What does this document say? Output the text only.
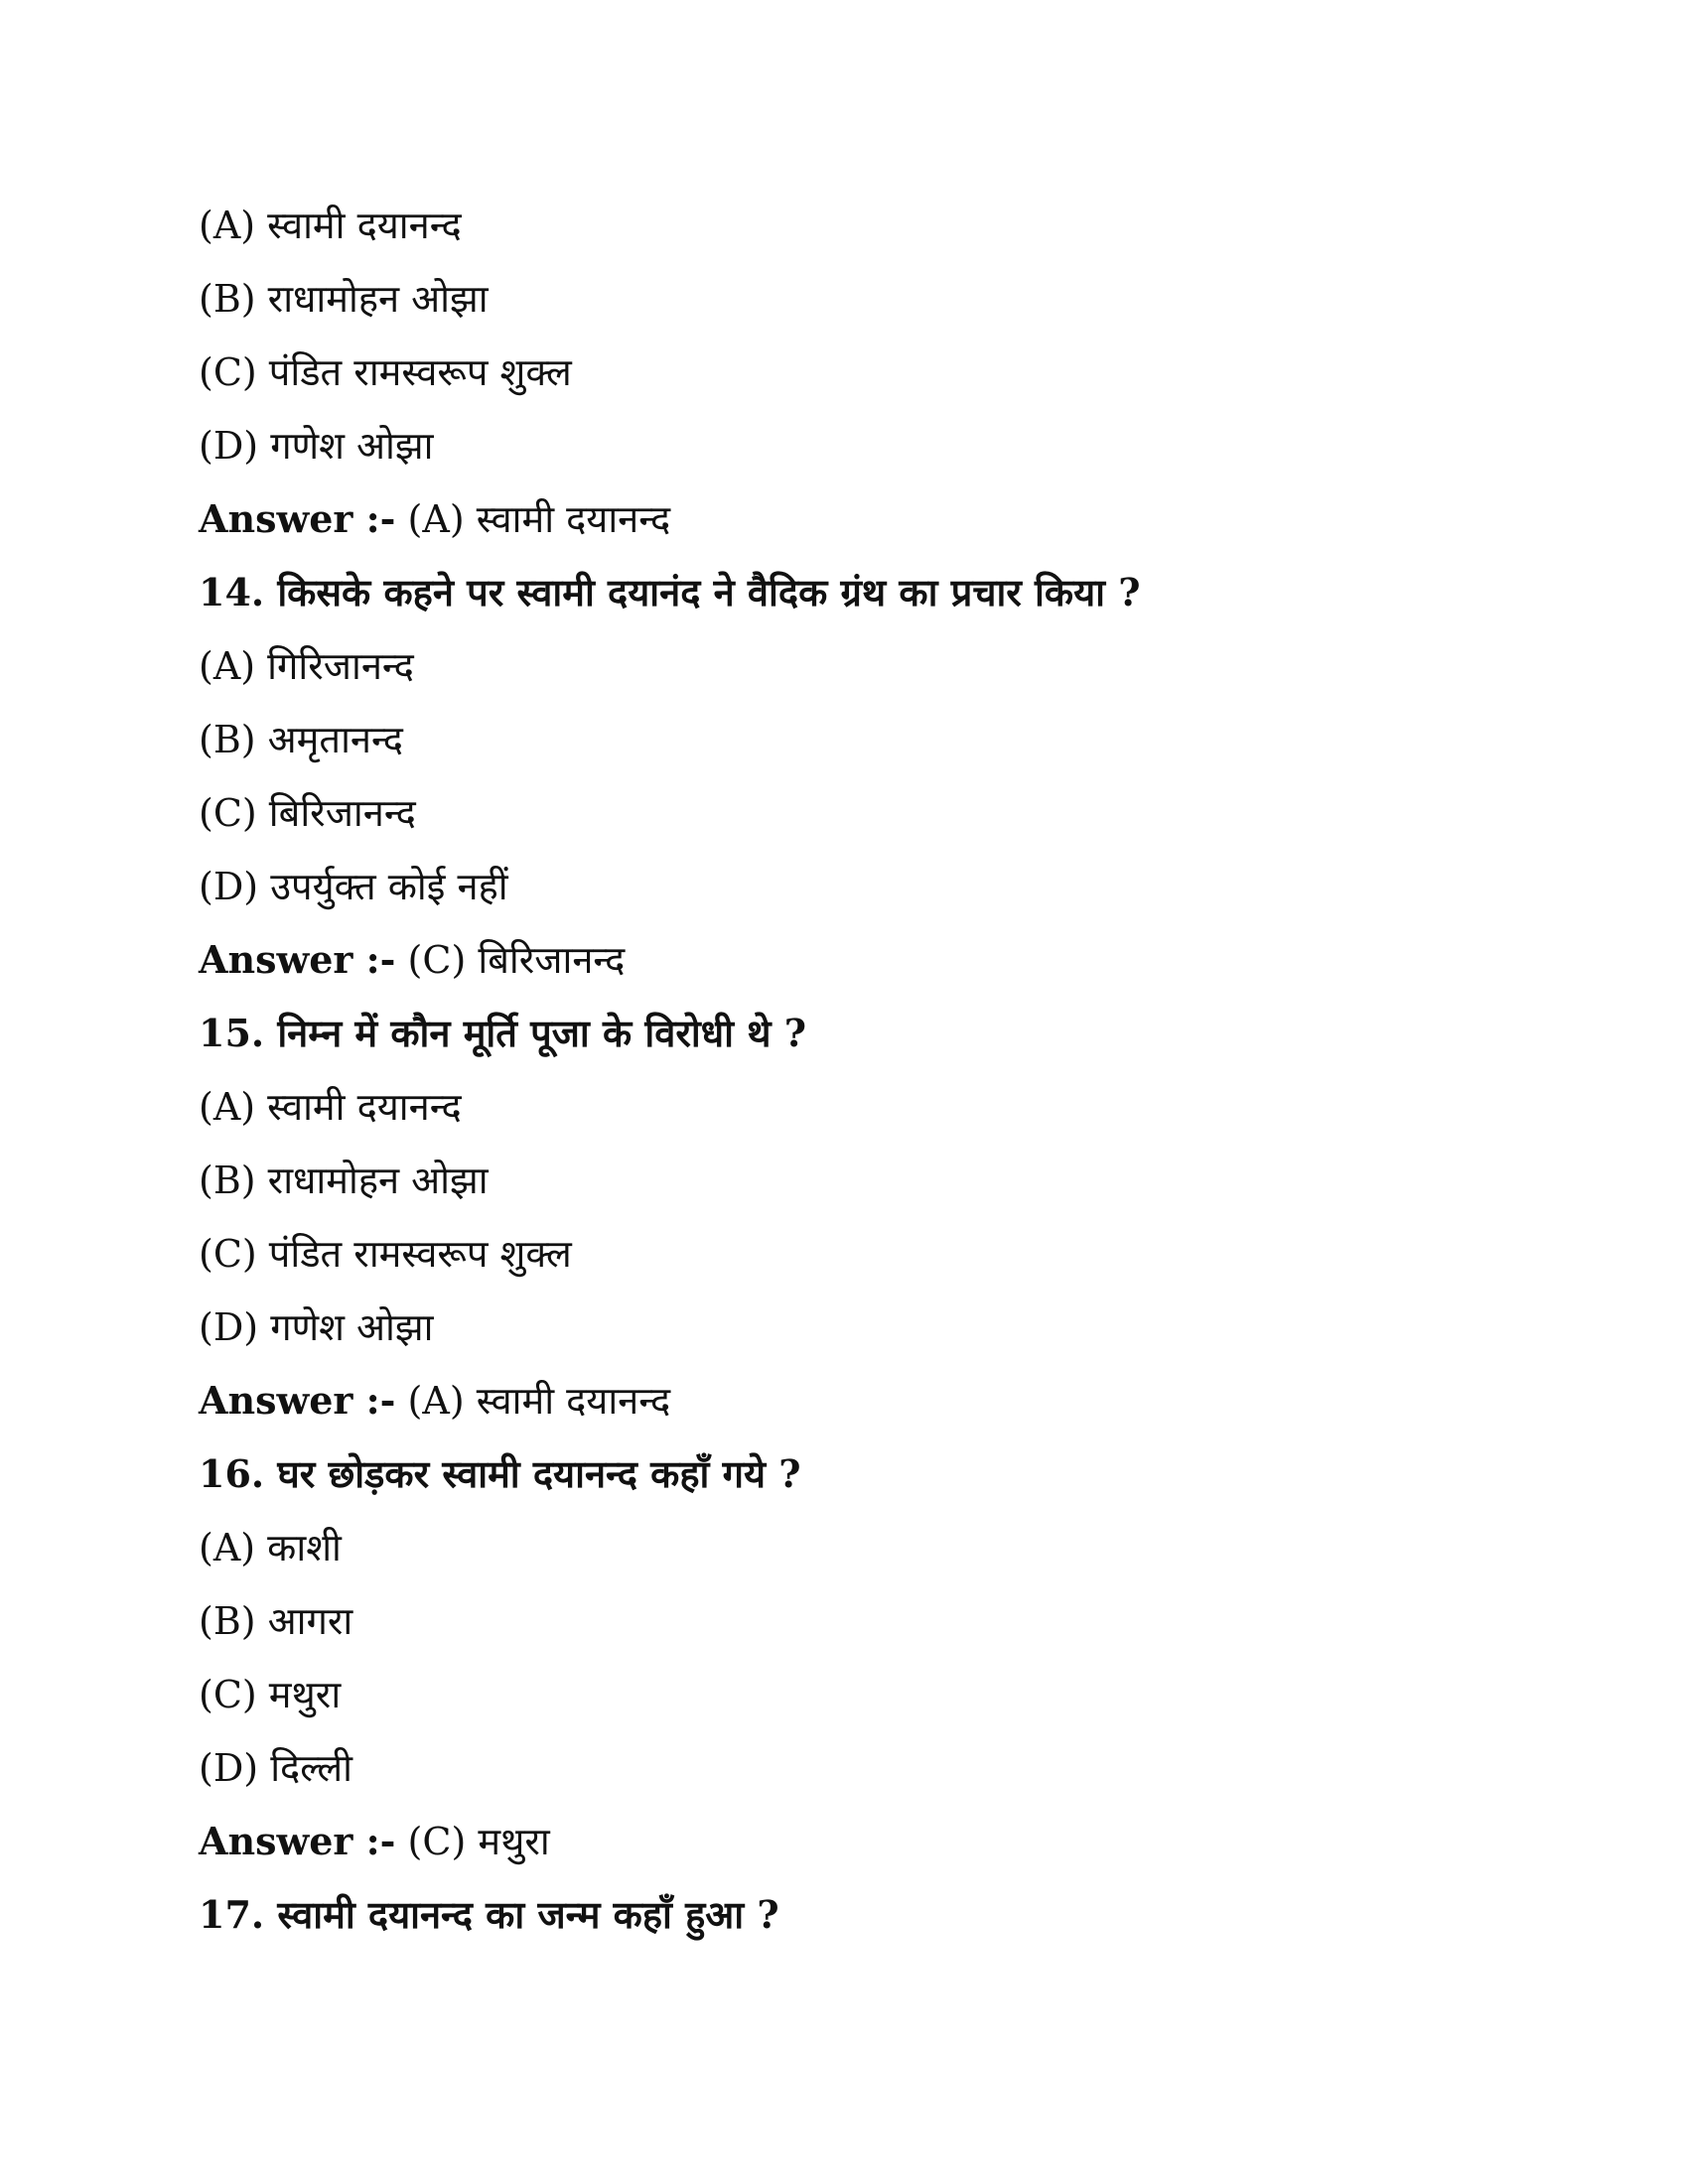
(A) स्वामी दयानन्द
(B) राधामोहन ओझा
(C) पंडित रामस्वरूप शुक्ल
(D) गणेश ओझा
Answer :- (A) स्वामी दयानन्द
14. किसके कहने पर स्वामी दयानंद ने वैदिक ग्रंथ का प्रचार किया ?
(A) गिरिजानन्द
(B) अमृतानन्द
(C) बिरिजानन्द
(D) उपर्युक्त कोई नहीं
Answer :- (C) बिरिजानन्द
15. निम्न में कौन मूर्ति पूजा के विरोधी थे ?
(A) स्वामी दयानन्द
(B) राधामोहन ओझा
(C) पंडित रामस्वरूप शुक्ल
(D) गणेश ओझा
Answer :- (A) स्वामी दयानन्द
16. घर छोड़कर स्वामी दयानन्द कहाँ गये ?
(A) काशी
(B) आगरा
(C) मथुरा
(D) दिल्ली
Answer :- (C) मथुरा
17. स्वामी दयानन्द का जन्म कहाँ हुआ ?
